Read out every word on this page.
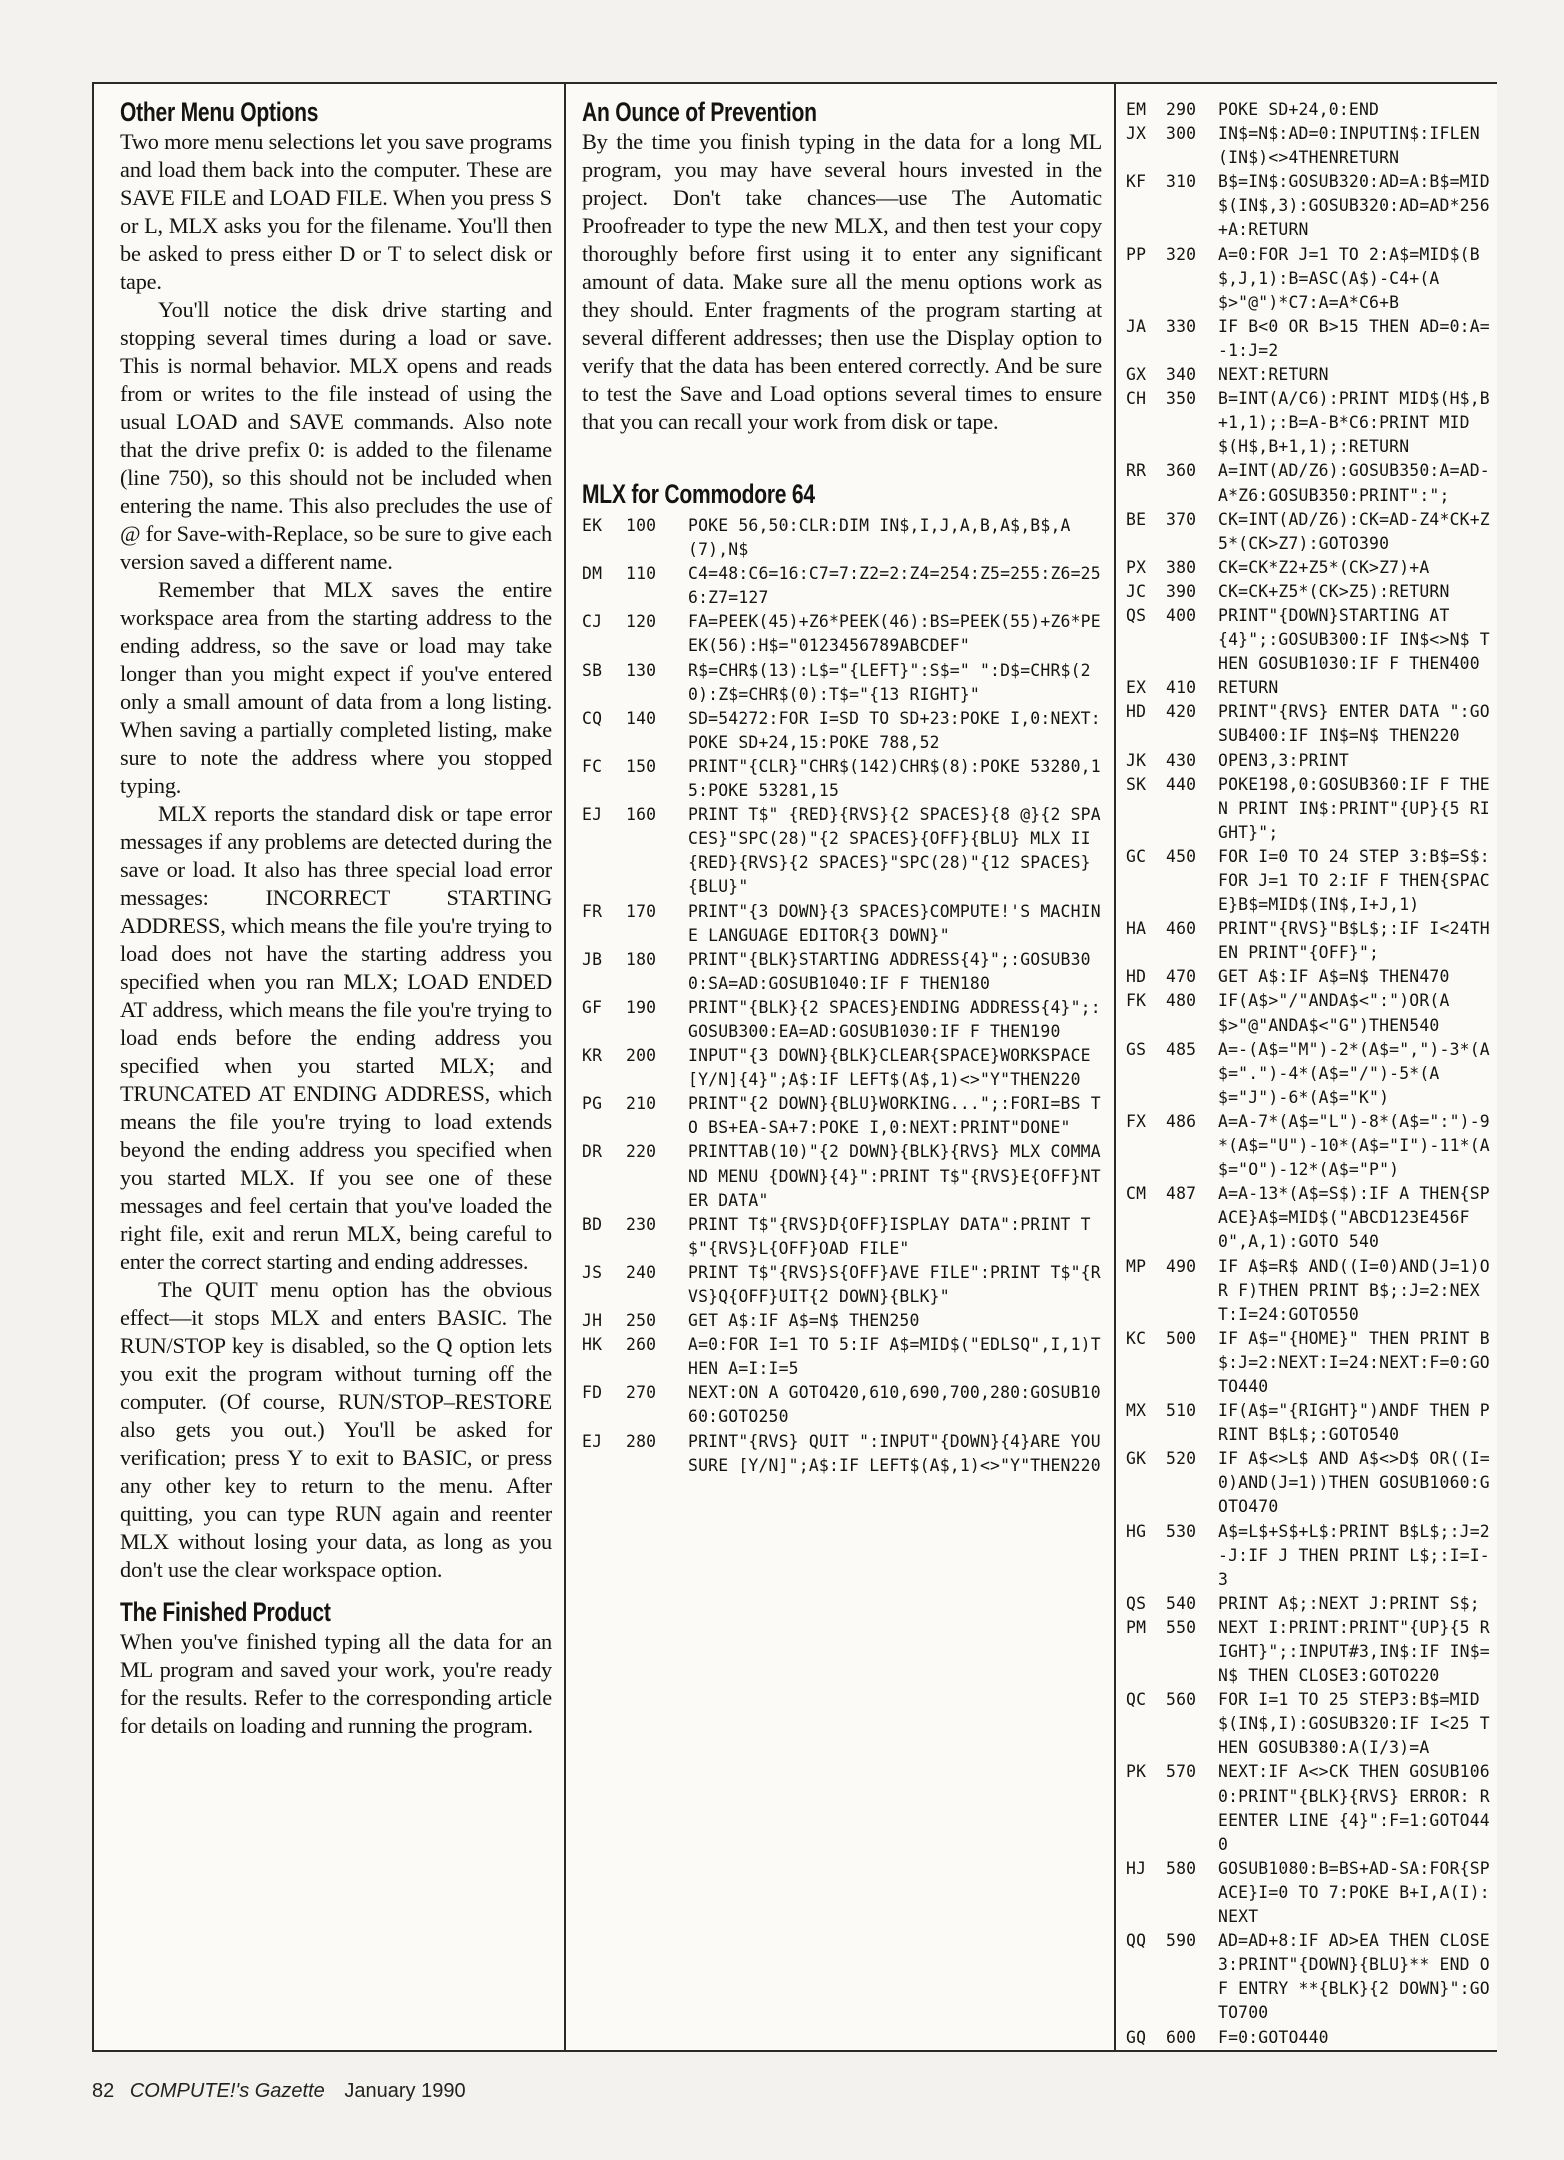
Other Menu Options

Two more menu selections let you save programs and load them back into the computer. These are SAVE FILE and LOAD FILE. When you press S or L, MLX asks you for the filename. You'll then be asked to press either D or T to select disk or tape.

You'll notice the disk drive starting and stopping several times during a load or save. This is normal behavior. MLX opens and reads from or writes to the file instead of using the usual LOAD and SAVE commands. Also note that the drive prefix 0: is added to the filename (line 750), so this should not be included when entering the name. This also precludes the use of @ for Save-with-Replace, so be sure to give each version saved a different name.

Remember that MLX saves the entire workspace area from the starting address to the ending address, so the save or load may take longer than you might expect if you've entered only a small amount of data from a long listing. When saving a partially completed listing, make sure to note the address where you stopped typing.

MLX reports the standard disk or tape error messages if any problems are detected during the save or load. It also has three special load error messages: INCORRECT STARTING ADDRESS, which means the file you're trying to load does not have the starting address you specified when you ran MLX; LOAD ENDED AT address, which means the file you're trying to load ends before the ending address you specified when you started MLX; and TRUNCATED AT ENDING ADDRESS, which means the file you're trying to load extends beyond the ending address you specified when you started MLX. If you see one of these messages and feel certain that you've loaded the right file, exit and rerun MLX, being careful to enter the correct starting and ending addresses.

The QUIT menu option has the obvious effect—it stops MLX and enters BASIC. The RUN/STOP key is disabled, so the Q option lets you exit the program without turning off the computer. (Of course, RUN/STOP–RESTORE also gets you out.) You'll be asked for verification; press Y to exit to BASIC, or press any other key to return to the menu. After quitting, you can type RUN again and reenter MLX without losing your data, as long as you don't use the clear workspace option.

The Finished Product

When you've finished typing all the data for an ML program and saved your work, you're ready for the results. Refer to the corresponding article for details on loading and running the program.

An Ounce of Prevention

By the time you finish typing in the data for a long ML program, you may have several hours invested in the project. Don't take chances—use The Automatic Proofreader to type the new MLX, and then test your copy thoroughly before first using it to enter any significant amount of data. Make sure all the menu options work as they should. Enter fragments of the program starting at several different addresses; then use the Display option to verify that the data has been entered correctly. And be sure to test the Save and Load options several times to ensure that you can recall your work from disk or tape.

MLX for Commodore 64
EK	100	POKE 56,50:CLR:DIM IN$,I,J,A,B,A$,B$,A(7),N$
DM	110	C4=48:C6=16:C7=7:Z2=2:Z4=254:Z5=255:Z6=256:Z7=127
CJ	120	FA=PEEK(45)+Z6*PEEK(46):BS=PEEK(55)+Z6*PEEK(56):H$="0123456789ABCDEF"
SB	130	R$=CHR$(13):L$="{LEFT}":S$=" ":D$=CHR$(20):Z$=CHR$(0):T$="{13 RIGHT}"
CQ	140	SD=54272:FOR I=SD TO SD+23:POKE I,0:NEXT:POKE SD+24,15:POKE 788,52
FC	150	PRINT"{CLR}"CHR$(142)CHR$(8):POKE 53280,15:POKE 53281,15
EJ	160	PRINT T$" {RED}{RVS}{2 SPACES}{8 @}{2 SPACES}"SPC(28)"{2 SPACES}{OFF}{BLU} MLX II {RED}{RVS}{2 SPACES}"SPC(28)"{12 SPACES}{BLU}"
FR	170	PRINT"{3 DOWN}{3 SPACES}COMPUTE!'S MACHINE LANGUAGE EDITOR{3 DOWN}"
JB	180	PRINT"{BLK}STARTING ADDRESS{4}";:GOSUB300:SA=AD:GOSUB1040:IF F THEN180
GF	190	PRINT"{BLK}{2 SPACES}ENDING ADDRESS{4}";:GOSUB300:EA=AD:GOSUB1030:IF F THEN190
KR	200	INPUT"{3 DOWN}{BLK}CLEAR{SPACE}WORKSPACE [Y/N]{4}";A$:IF LEFT$(A$,1)<>"Y"THEN220
PG	210	PRINT"{2 DOWN}{BLU}WORKING...";:FORI=BS TO BS+EA-SA+7:POKE I,0:NEXT:PRINT"DONE"
DR	220	PRINTTAB(10)"{2 DOWN}{BLK}{RVS} MLX COMMAND MENU {DOWN}{4}":PRINT T$"{RVS}E{OFF}NTER DATA"
BD	230	PRINT T$"{RVS}D{OFF}ISPLAY DATA":PRINT T$"{RVS}L{OFF}OAD FILE"
JS	240	PRINT T$"{RVS}S{OFF}AVE FILE":PRINT T$"{RVS}Q{OFF}UIT{2 DOWN}{BLK}"
JH	250	GET A$:IF A$=N$ THEN250
HK	260	A=0:FOR I=1 TO 5:IF A$=MID$("EDLSQ",I,1)THEN A=I:I=5
FD	270	NEXT:ON A GOTO420,610,690,700,280:GOSUB1060:GOTO250
EJ	280	PRINT"{RVS} QUIT ":INPUT"{DOWN}{4}ARE YOU SURE [Y/N]";A$:IF LEFT$(A$,1)<>"Y"THEN220
EM	290	POKE SD+24,0:END
JX	300	IN$=N$:AD=0:INPUTIN$:IFLEN(IN$)<>4THENRETURN
KF	310	B$=IN$:GOSUB320:AD=A:B$=MID$(IN$,3):GOSUB320:AD=AD*256+A:RETURN
PP	320	A=0:FOR J=1 TO 2:A$=MID$(B$,J,1):B=ASC(A$)-C4+(A$>"@")*C7:A=A*C6+B
JA	330	IF B<0 OR B>15 THEN AD=0:A=-1:J=2
GX	340	NEXT:RETURN
CH	350	B=INT(A/C6):PRINT MID$(H$,B+1,1);:B=A-B*C6:PRINT MID$(H$,B+1,1);:RETURN
RR	360	A=INT(AD/Z6):GOSUB350:A=AD-A*Z6:GOSUB350:PRINT":";
BE	370	CK=INT(AD/Z6):CK=AD-Z4*CK+Z5*(CK>Z7):GOTO390
PX	380	CK=CK*Z2+Z5*(CK>Z7)+A
JC	390	CK=CK+Z5*(CK>Z5):RETURN
QS	400	PRINT"{DOWN}STARTING AT{4}";:GOSUB300:IF IN$<>N$ THEN GOSUB1030:IF F THEN400
EX	410	RETURN
HD	420	PRINT"{RVS} ENTER DATA ":GOSUB400:IF IN$=N$ THEN220
JK	430	OPEN3,3:PRINT
SK	440	POKE198,0:GOSUB360:IF F THEN PRINT IN$:PRINT"{UP}{5 RIGHT}";
GC	450	FOR I=0 TO 24 STEP 3:B$=S$:FOR J=1 TO 2:IF F THEN{SPACE}B$=MID$(IN$,I+J,1)
HA	460	PRINT"{RVS}"B$L$;:IF I<24THEN PRINT"{OFF}";
HD	470	GET A$:IF A$=N$ THEN470
FK	480	IF(A$>"/"ANDA$<":")OR(A$>"@"ANDA$<"G")THEN540
GS	485	A=-(A$="M")-2*(A$=",")-3*(A$=".")-4*(A$="/")-5*(A$="J")-6*(A$="K")
FX	486	A=A-7*(A$="L")-8*(A$=":")-9*(A$="U")-10*(A$="I")-11*(A$="O")-12*(A$="P")
CM	487	A=A-13*(A$=S$):IF A THEN{SPACE}A$=MID$("ABCD123E456F0",A,1):GOTO 540
MP	490	IF A$=R$ AND((I=0)AND(J=1)OR F)THEN PRINT B$;:J=2:NEXT:I=24:GOTO550
KC	500	IF A$="{HOME}" THEN PRINT B$:J=2:NEXT:I=24:NEXT:F=0:GOTO440
MX	510	IF(A$="{RIGHT}")ANDF THEN PRINT B$L$;:GOTO540
GK	520	IF A$<>L$ AND A$<>D$ OR((I=0)AND(J=1))THEN GOSUB1060:GOTO470
HG	530	A$=L$+S$+L$:PRINT B$L$;:J=2-J:IF J THEN PRINT L$;:I=I-3
QS	540	PRINT A$;:NEXT J:PRINT S$;
PM	550	NEXT I:PRINT:PRINT"{UP}{5 RIGHT}";:INPUT#3,IN$:IF IN$=N$ THEN CLOSE3:GOTO220
QC	560	FOR I=1 TO 25 STEP3:B$=MID$(IN$,I):GOSUB320:IF I<25 THEN GOSUB380:A(I/3)=A
PK	570	NEXT:IF A<>CK THEN GOSUB1060:PRINT"{BLK}{RVS} ERROR: REENTER LINE {4}":F=1:GOTO440
HJ	580	GOSUB1080:B=BS+AD-SA:FOR{SPACE}I=0 TO 7:POKE B+I,A(I):NEXT
QQ	590	AD=AD+8:IF AD>EA THEN CLOSE3:PRINT"{DOWN}{BLU}** END OF ENTRY **{BLK}{2 DOWN}":GOTO700
GQ	600	F=0:GOTO440
82 COMPUTE!'s Gazette January 1990
